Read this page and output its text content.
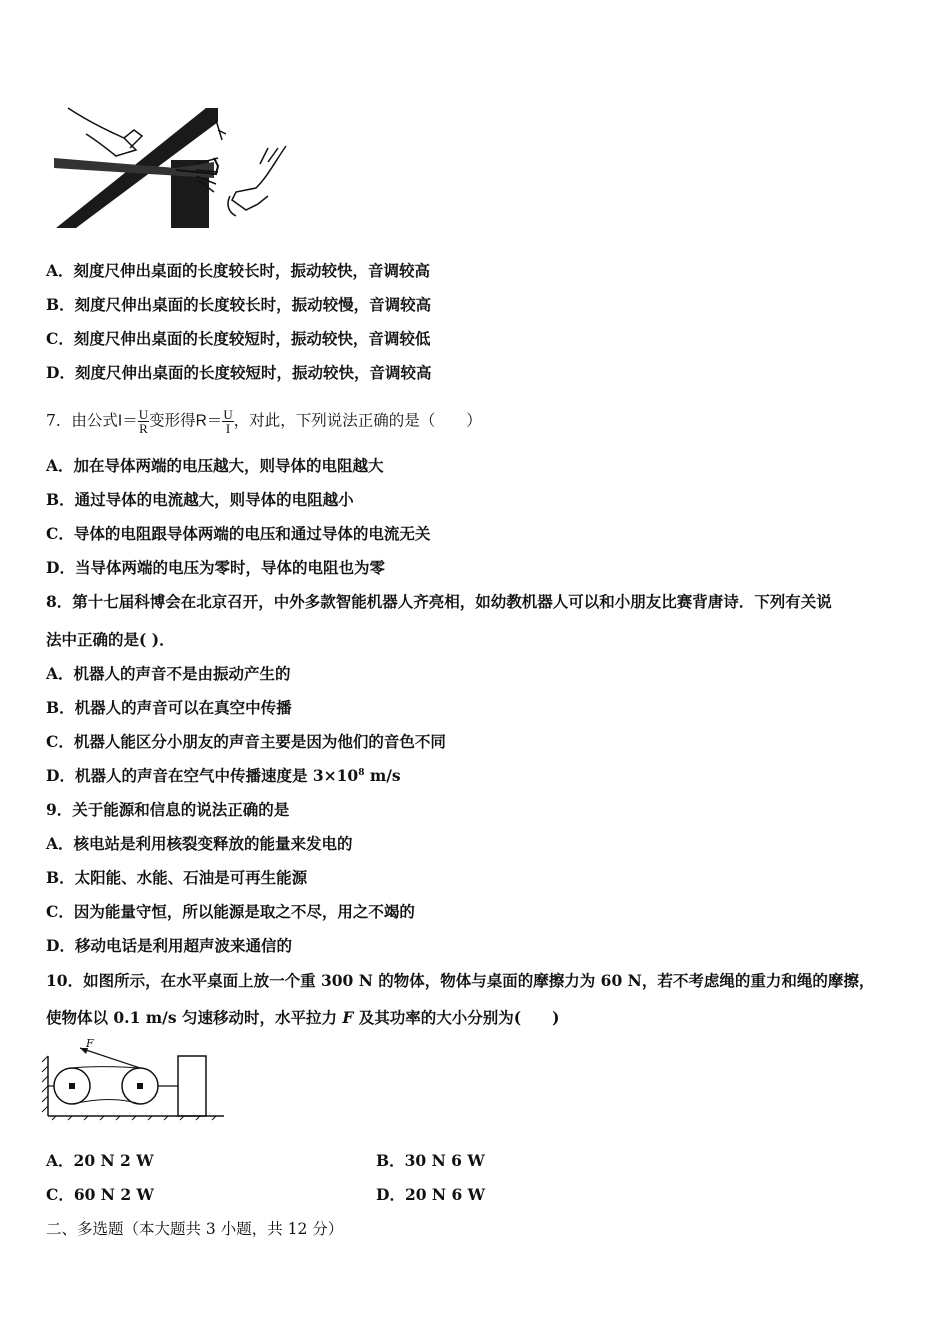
A．刻度尺伸出桌面的长度较长时，振动较快，音调较高
B．刻度尺伸出桌面的长度较长时，振动较慢，音调较高
C．刻度尺伸出桌面的长度较短时，振动较快，音调较低
D．刻度尺伸出桌面的长度较短时，振动较快，音调较高
7．由公式$I= \frac{U}{R}$ 变形得$R= \frac{U}{I}$ ，对此，下列说法正确的是（　　）
A．加在导体两端的电压越大，则导体的电阻越大
B．通过导体的电流越大，则导体的电阻越小
C．导体的电阻跟导体两端的电压和通过导体的电流无关
D．当导体两端的电压为零时，导体的电阻也为零
8．第十七届科博会在北京召开，中外多款智能机器人齐亮相，如幼教机器人可以和小朋友比赛背唐诗．下列有关说
法中正确的是( )．
A．机器人的声音不是由振动产生的
B．机器人的声音可以在真空中传播
C．机器人能区分小朋友的声音主要是因为他们的音色不同
D．机器人的声音在空气中传播速度是 $3\times 10^8$ m/s
9．关于能源和信息的说法正确的是
A．核电站是利用核裂变释放的能量来发电的
B．太阳能、水能、石油是可再生能源
C．因为能量守恒，所以能源是取之不尽，用之不竭的
D．移动电话是利用超声波来通信的
10．如图所示，在水平桌面上放一个重 300 N 的物体，物体与桌面的摩擦力为 60 N，若不考虑绳的重力和绳的摩擦，
使物体以 0.1 m/s 匀速移动时，水平拉力 F 及其功率的大小分别为(　　)
F
A．20 N 2 W	B．30 N 6 W
C．60 N 2 W	D．20 N 6 W
二、多选题（本大题共 3 小题，共 12 分）
